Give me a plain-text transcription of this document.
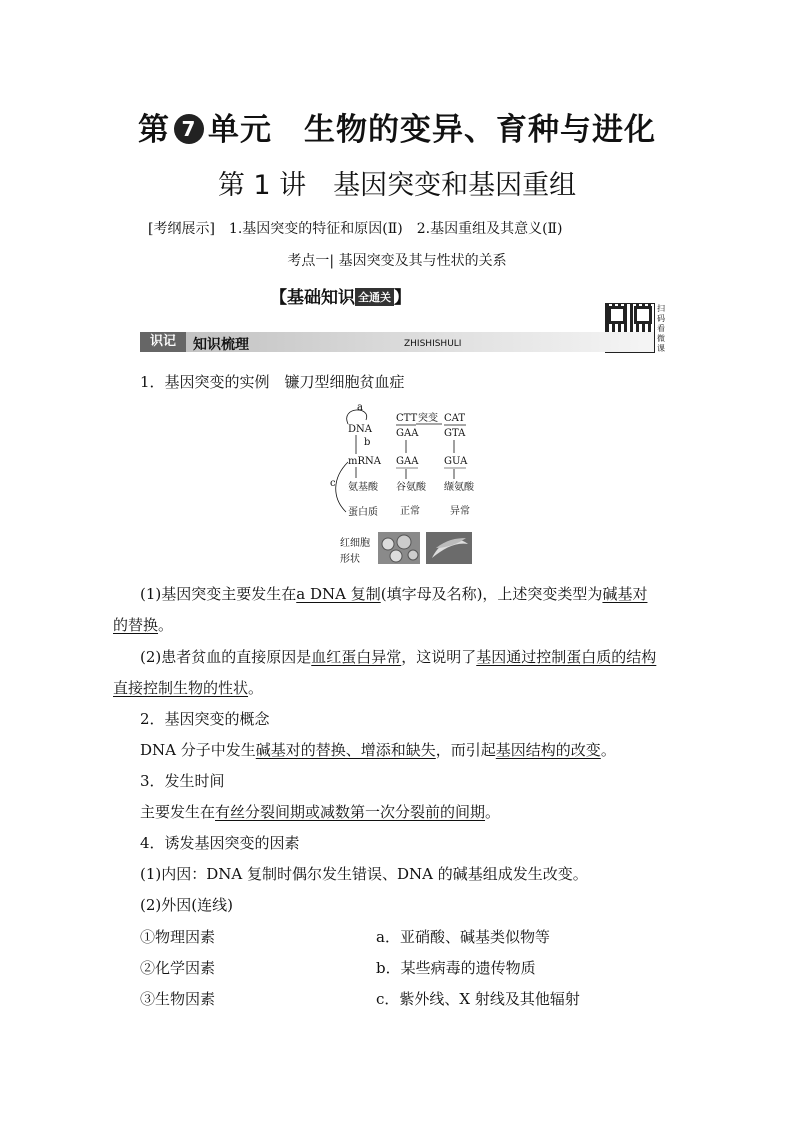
第 7 单元　生物的变异、育种与进化
第 1 讲　基因突变和基因重组
[考纲展示]　1.基因突变的特征和原因(Ⅱ)　2.基因重组及其意义(Ⅱ)
考点一| 基因突变及其与性状的关系
【基础知识 全通关 】
扫码看微课
识记	知识梳理	ZHISHISHULI
1．基因突变的实例　镰刀型细胞贫血症
a
DNA
b
mRNA
氨基酸
c
蛋白质
CTT 突变 CAT
GAA	GTA
GAA	GUA
谷氨酸 缬氨酸
正常	异常
红细胞
形状
(1)基因突变主要发生在a DNA 复制(填字母及名称)，上述突变类型为碱基对
的替换。
(2)患者贫血的直接原因是血红蛋白异常，这说明了基因通过控制蛋白质的结构
直接控制生物的性状。
2．基因突变的概念
DNA 分子中发生碱基对的替换、增添和缺失，而引起基因结构的改变。
3．发生时间
主要发生在有丝分裂间期或减数第一次分裂前的间期。
4．诱发基因突变的因素
(1)内因：DNA 复制时偶尔发生错误、DNA 的碱基组成发生改变。
(2)外因(连线)
①物理因素	a．亚硝酸、碱基类似物等
②化学因素	b．某些病毒的遗传物质
③生物因素	c．紫外线、X 射线及其他辐射
